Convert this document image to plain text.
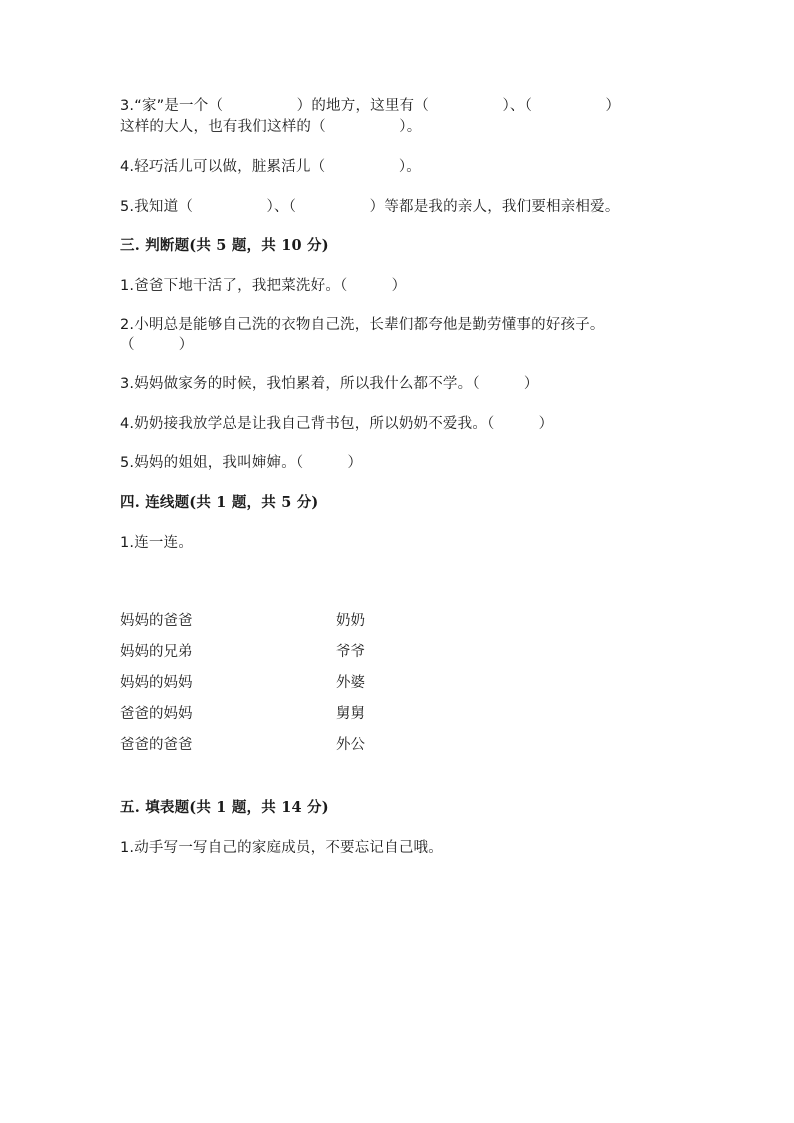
3.“家”是一个（　　　　　）的地方，这里有（　　　　　）、（　　　　　）
这样的大人，也有我们这样的（　　　　　）。
4.轻巧活儿可以做，脏累活儿（　　　　　）。
5.我知道（　　　　　）、（　　　　　）等都是我的亲人，我们要相亲相爱。
三. 判断题(共 5 题，共 10 分)
1.爸爸下地干活了，我把菜洗好。（　　　）
2.小明总是能够自己洗的衣物自己洗，长辈们都夸他是勤劳懂事的好孩子。
（　　　）
3.妈妈做家务的时候，我怕累着，所以我什么都不学。（　　　）
4.奶奶接我放学总是让我自己背书包，所以奶奶不爱我。（　　　）
5.妈妈的姐姐，我叫婶婶。（　　　）
四. 连线题(共 1 题，共 5 分)
1.连一连。
妈妈的爸爸	奶奶
妈妈的兄弟	爷爷
妈妈的妈妈	外婆
爸爸的妈妈	舅舅
爸爸的爸爸	外公
五. 填表题(共 1 题，共 14 分)
1.动手写一写自己的家庭成员，不要忘记自己哦。
